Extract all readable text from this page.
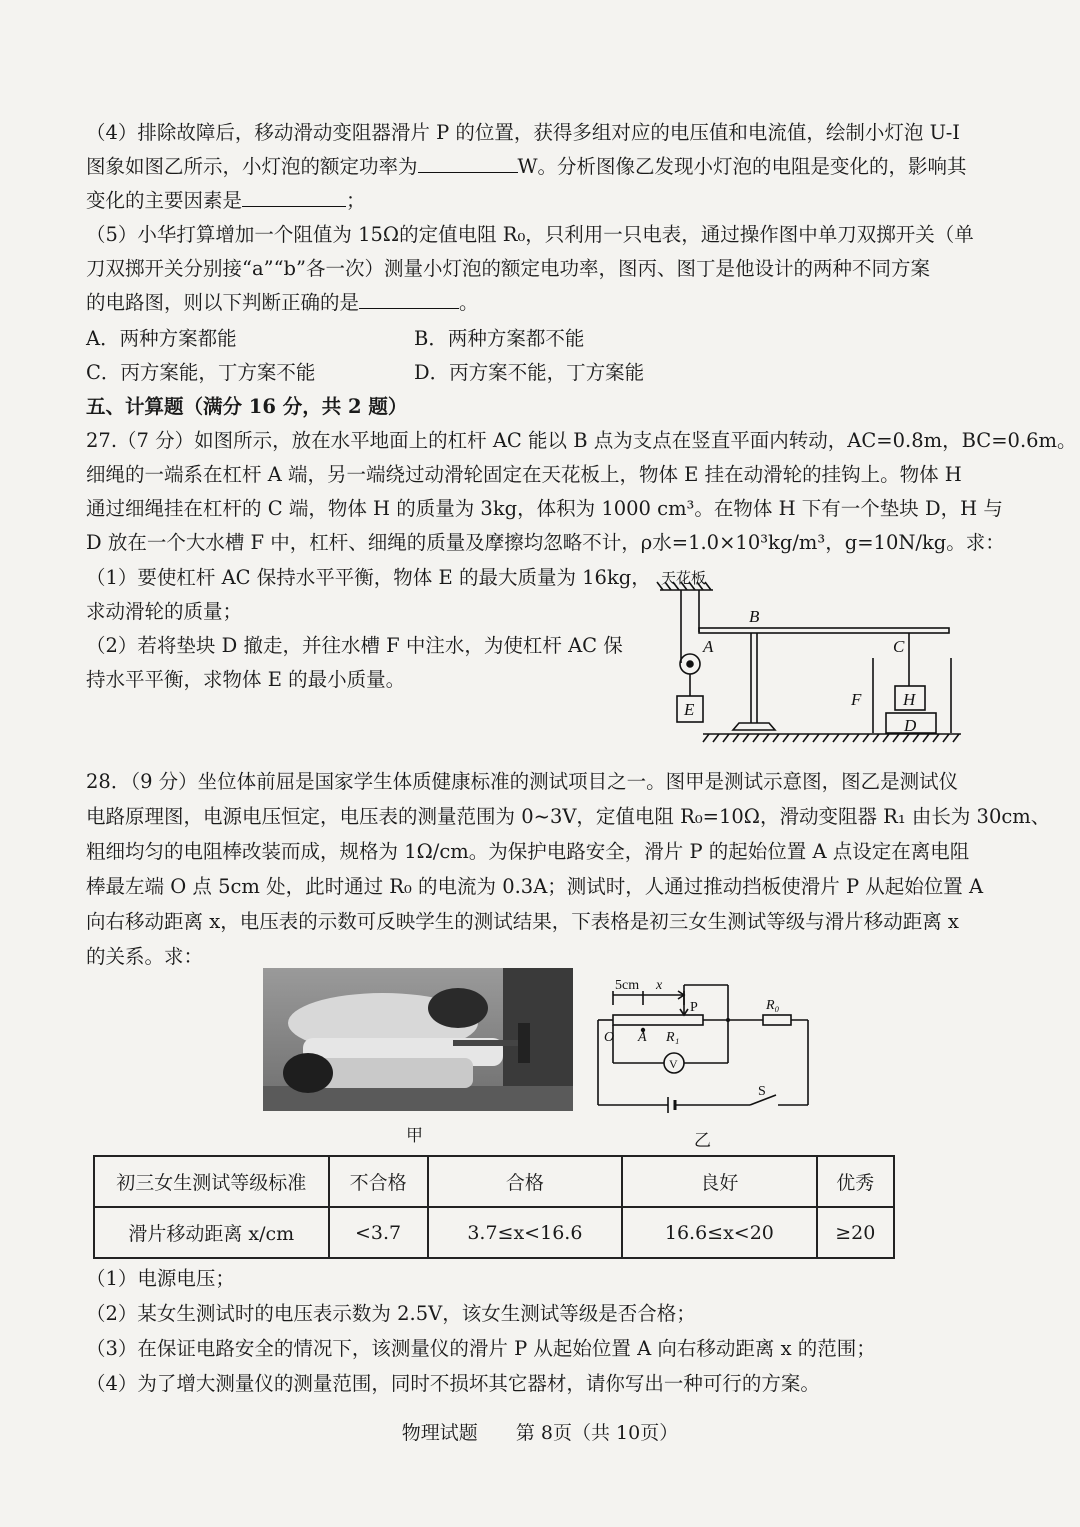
（4）排除故障后，移动滑动变阻器滑片 P 的位置，获得多组对应的电压值和电流值，绘制小灯泡 U-I
图象如图乙所示，小灯泡的额定功率为	W。分析图像乙发现小灯泡的电阻是变化的，影响其
变化的主要因素是	；
（5）小华打算增加一个阻值为 15Ω的定值电阻 R₀，只利用一只电表，通过操作图中单刀双掷开关（单
刀双掷开关分别接“a”“b”各一次）测量小灯泡的额定电功率，图丙、图丁是他设计的两种不同方案
的电路图，则以下判断正确的是	。
A．两种方案都能	B．两种方案都不能
C．丙方案能，丁方案不能	D．丙方案不能，丁方案能
五、计算题（满分 16 分，共 2 题）
27.（7 分）如图所示，放在水平地面上的杠杆 AC 能以 B 点为支点在竖直平面内转动，AC=0.8m，BC=0.6m。
细绳的一端系在杠杆 A 端，另一端绕过动滑轮固定在天花板上，物体 E 挂在动滑轮的挂钩上。物体 H
通过细绳挂在杠杆的 C 端，物体 H 的质量为 3kg，体积为 1000 cm³。在物体 H 下有一个垫块 D，H 与
D 放在一个大水槽 F 中，杠杆、细绳的质量及摩擦均忽略不计，ρ水=1.0×10³kg/m³，g=10N/kg。求：
（1）要使杠杆 AC 保持水平平衡，物体 E 的最大质量为 16kg，
求动滑轮的质量；
（2）若将垫块 D 撤走，并往水槽 F 中注水，为使杠杆 AC 保
持水平平衡，求物体 E 的最小质量。
天花板
A
B
C
E
F H
D
28．（9 分）坐位体前屈是国家学生体质健康标准的测试项目之一。图甲是测试示意图，图乙是测试仪
电路原理图，电源电压恒定，电压表的测量范围为 0~3V，定值电阻 R₀=10Ω，滑动变阻器 R₁ 由长为 30cm、
粗细均匀的电阻棒改装而成，规格为 1Ω/cm。为保护电路安全，滑片 P 的起始位置 A 点设定在离电阻
棒最左端 O 点 5cm 处，此时通过 R₀ 的电流为 0.3A；测试时，人通过推动挡板使滑片 P 从起始位置 A
向右移动距离 x，电压表的示数可反映学生的测试结果，下表格是初三女生测试等级与滑片移动距离 x
的关系。求：
5cm x
P	R₀
O A R₁
V
S
甲	乙
初三女生测试等级标准	不合格	合格	良好	优秀
滑片移动距离 x/cm	<3.7	3.7≤x<16.6	16.6≤x<20	≥20
（1）电源电压；
（2）某女生测试时的电压表示数为 2.5V，该女生测试等级是否合格；
（3）在保证电路安全的情况下，该测量仪的滑片 P 从起始位置 A 向右移动距离 x 的范围；
（4）为了增大测量仪的测量范围，同时不损坏其它器材，请你写出一种可行的方案。
物理试题 第 8页（共 10页）
